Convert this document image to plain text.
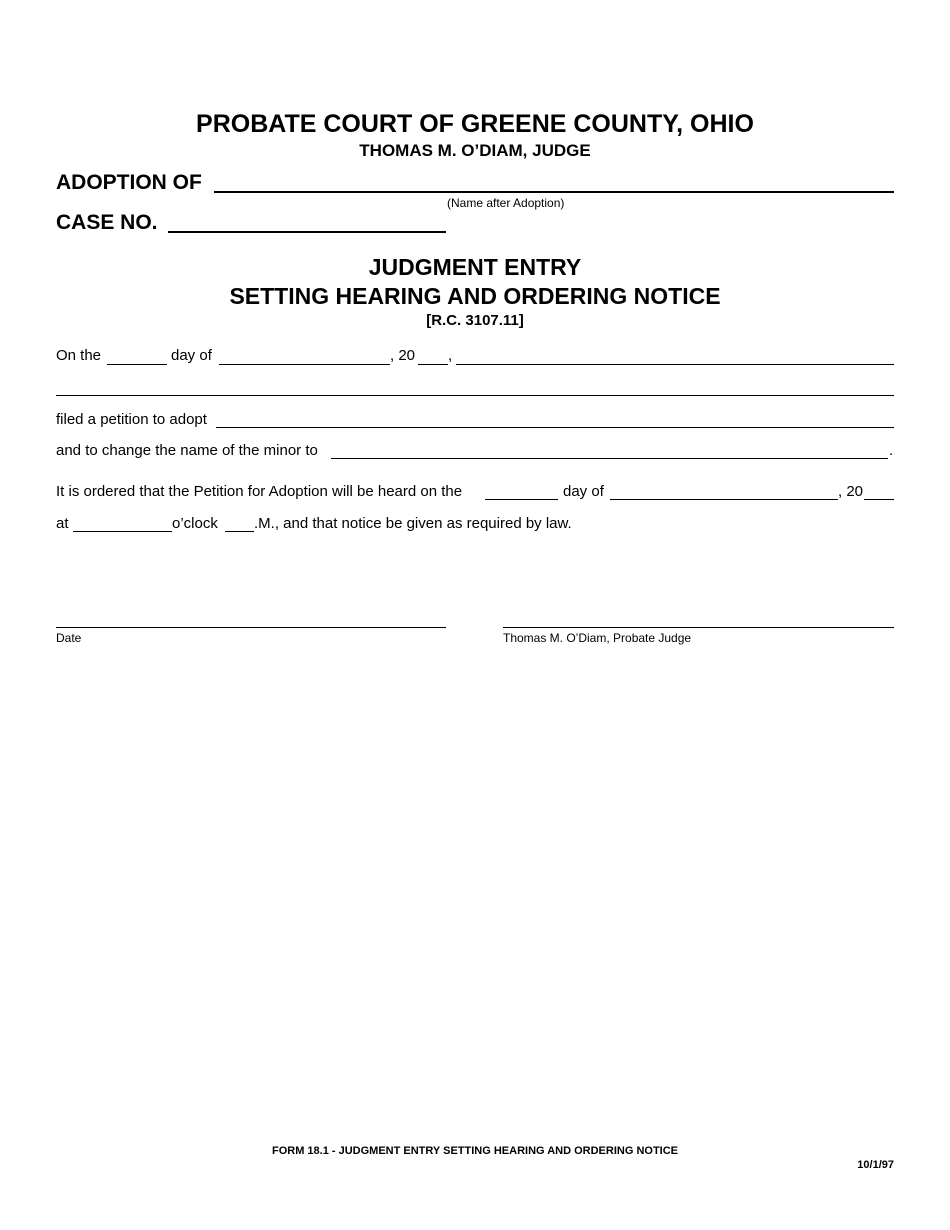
PROBATE COURT OF GREENE COUNTY, OHIO
THOMAS M. O’DIAM, JUDGE
ADOPTION OF
(Name after Adoption)
CASE NO.
JUDGMENT ENTRY
SETTING HEARING AND ORDERING NOTICE
[R.C. 3107.11]
On the	day of	, 20 ,
filed a petition to adopt
and to change the name of the minor to	.
It is ordered that the Petition for Adoption will be heard on the	day of	, 20
at	o’clock .M., and that notice be given as required by law.
Date	Thomas M. O’Diam, Probate Judge
FORM 18.1 - JUDGMENT ENTRY SETTING HEARING AND ORDERING NOTICE
10/1/97
